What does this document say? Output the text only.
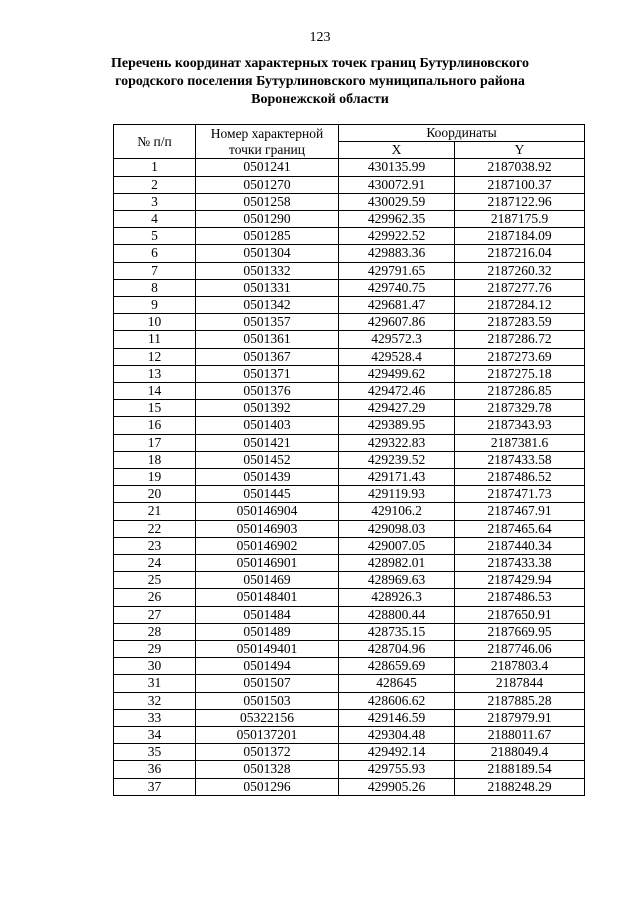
123
Перечень координат характерных точек границ Бутурлиновского
городского поселения Бутурлиновского муниципального района
Воронежской области
№ п/п	Номер характерной точки границ	Координаты	
		X	Y
1	0501241	430135.99	2187038.92
2	0501270	430072.91	2187100.37
3	0501258	430029.59	2187122.96
4	0501290	429962.35	2187175.9
5	0501285	429922.52	2187184.09
6	0501304	429883.36	2187216.04
7	0501332	429791.65	2187260.32
8	0501331	429740.75	2187277.76
9	0501342	429681.47	2187284.12
10	0501357	429607.86	2187283.59
11	0501361	429572.3	2187286.72
12	0501367	429528.4	2187273.69
13	0501371	429499.62	2187275.18
14	0501376	429472.46	2187286.85
15	0501392	429427.29	2187329.78
16	0501403	429389.95	2187343.93
17	0501421	429322.83	2187381.6
18	0501452	429239.52	2187433.58
19	0501439	429171.43	2187486.52
20	0501445	429119.93	2187471.73
21	050146904	429106.2	2187467.91
22	050146903	429098.03	2187465.64
23	050146902	429007.05	2187440.34
24	050146901	428982.01	2187433.38
25	0501469	428969.63	2187429.94
26	050148401	428926.3	2187486.53
27	0501484	428800.44	2187650.91
28	0501489	428735.15	2187669.95
29	050149401	428704.96	2187746.06
30	0501494	428659.69	2187803.4
31	0501507	428645	2187844
32	0501503	428606.62	2187885.28
33	05322156	429146.59	2187979.91
34	050137201	429304.48	2188011.67
35	0501372	429492.14	2188049.4
36	0501328	429755.93	2188189.54
37	0501296	429905.26	2188248.29
